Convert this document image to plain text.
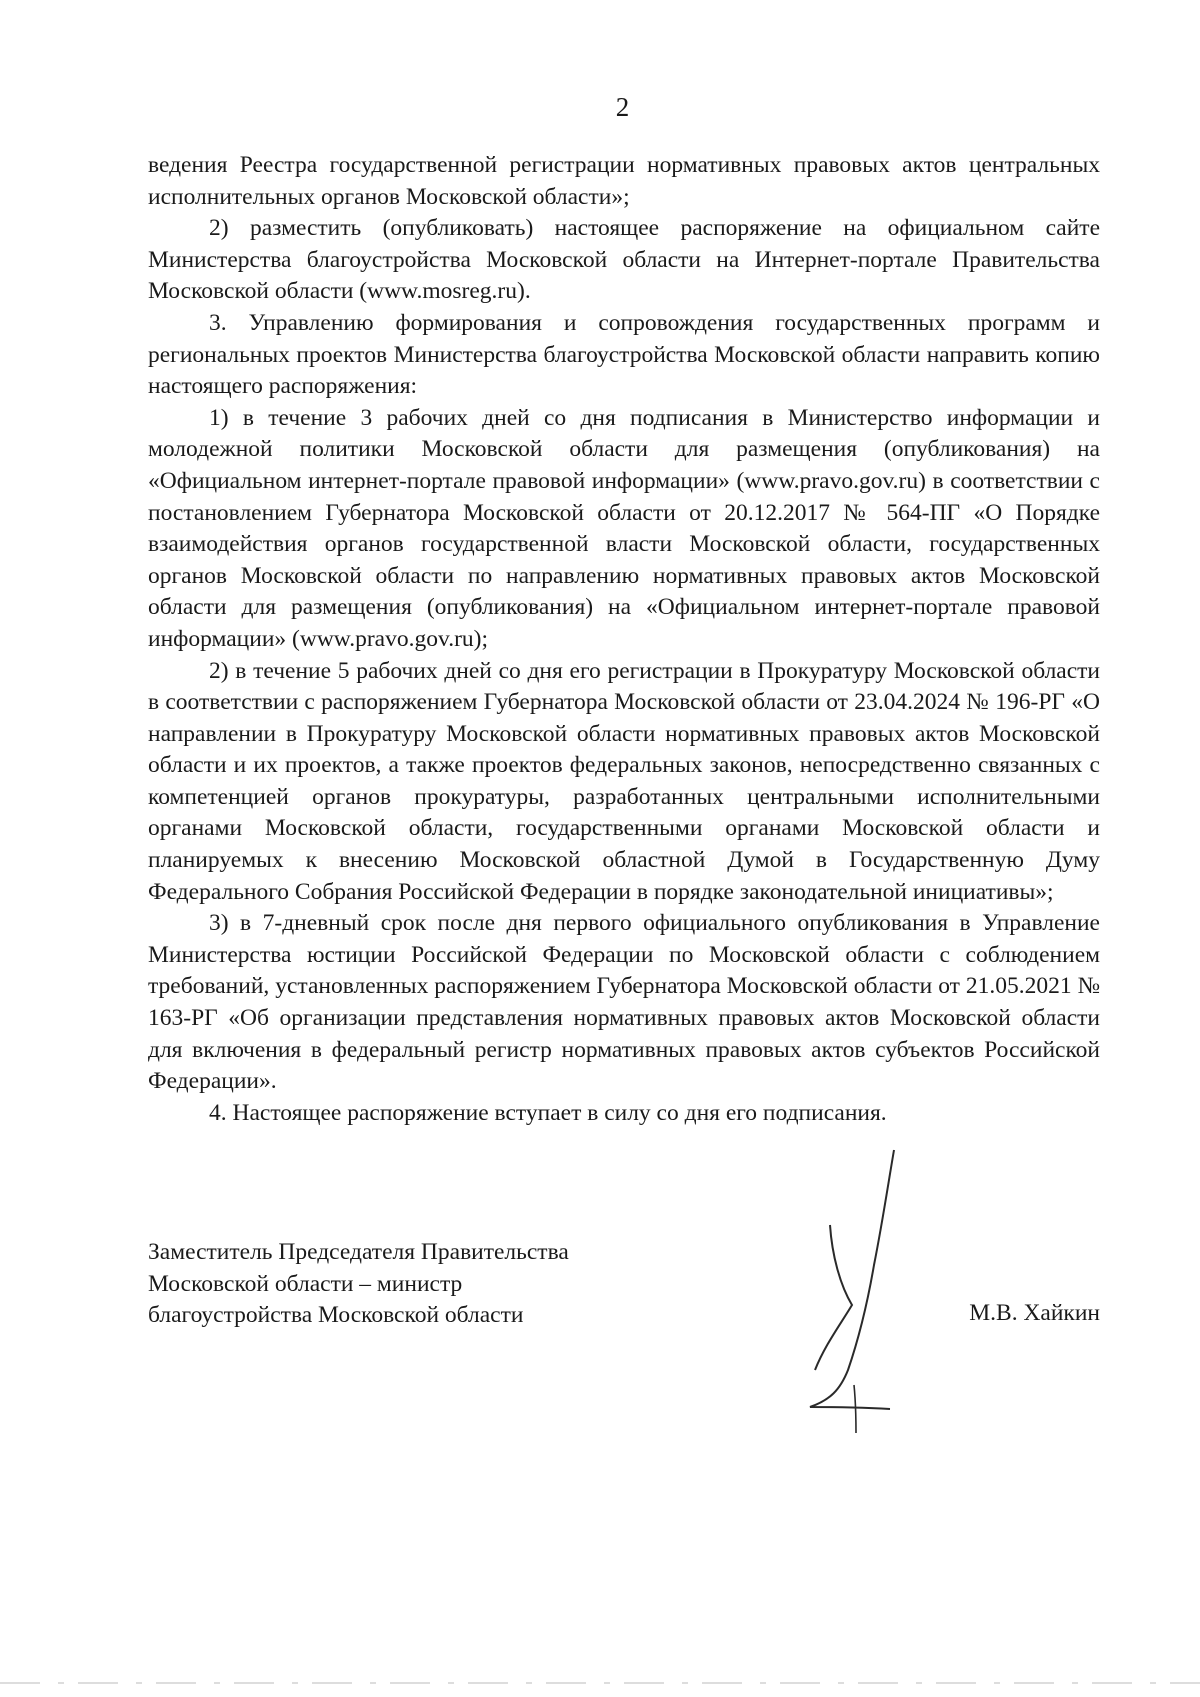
2

ведения Реестра государственной регистрации нормативных правовых актов центральных исполнительных органов Московской области»;

2) разместить (опубликовать) настоящее распоряжение на официальном сайте Министерства благоустройства Московской области на Интернет-портале Правительства Московской области (www.mosreg.ru).

3. Управлению формирования и сопровождения государственных программ и региональных проектов Министерства благоустройства Московской области направить копию настоящего распоряжения:

1) в течение 3 рабочих дней со дня подписания в Министерство информации и молодежной политики Московской области для размещения (опубликования) на «Официальном интернет-портале правовой информации» (www.pravo.gov.ru) в соответствии с постановлением Губернатора Московской области от 20.12.2017 № 564-ПГ «О Порядке взаимодействия органов государственной власти Московской области, государственных органов Московской области по направлению нормативных правовых актов Московской области для размещения (опубликования) на «Официальном интернет-портале правовой информации» (www.pravo.gov.ru);

2) в течение 5 рабочих дней со дня его регистрации в Прокуратуру Московской области в соответствии с распоряжением Губернатора Московской области от 23.04.2024 № 196-РГ «О направлении в Прокуратуру Московской области нормативных правовых актов Московской области и их проектов, а также проектов федеральных законов, непосредственно связанных с компетенцией органов прокуратуры, разработанных центральными исполнительными органами Московской области, государственными органами Московской области и планируемых к внесению Московской областной Думой в Государственную Думу Федерального Собрания Российской Федерации в порядке законодательной инициативы»;

3) в 7-дневный срок после дня первого официального опубликования в Управление Министерства юстиции Российской Федерации по Московской области с соблюдением требований, установленных распоряжением Губернатора Московской области от 21.05.2021 № 163-РГ «Об организации представления нормативных правовых актов Московской области для включения в федеральный регистр нормативных правовых актов субъектов Российской Федерации».

4. Настоящее распоряжение вступает в силу со дня его подписания.

Заместитель Председателя Правительства
Московской области – министр
благоустройства Московской области	М.В. Хайкин
